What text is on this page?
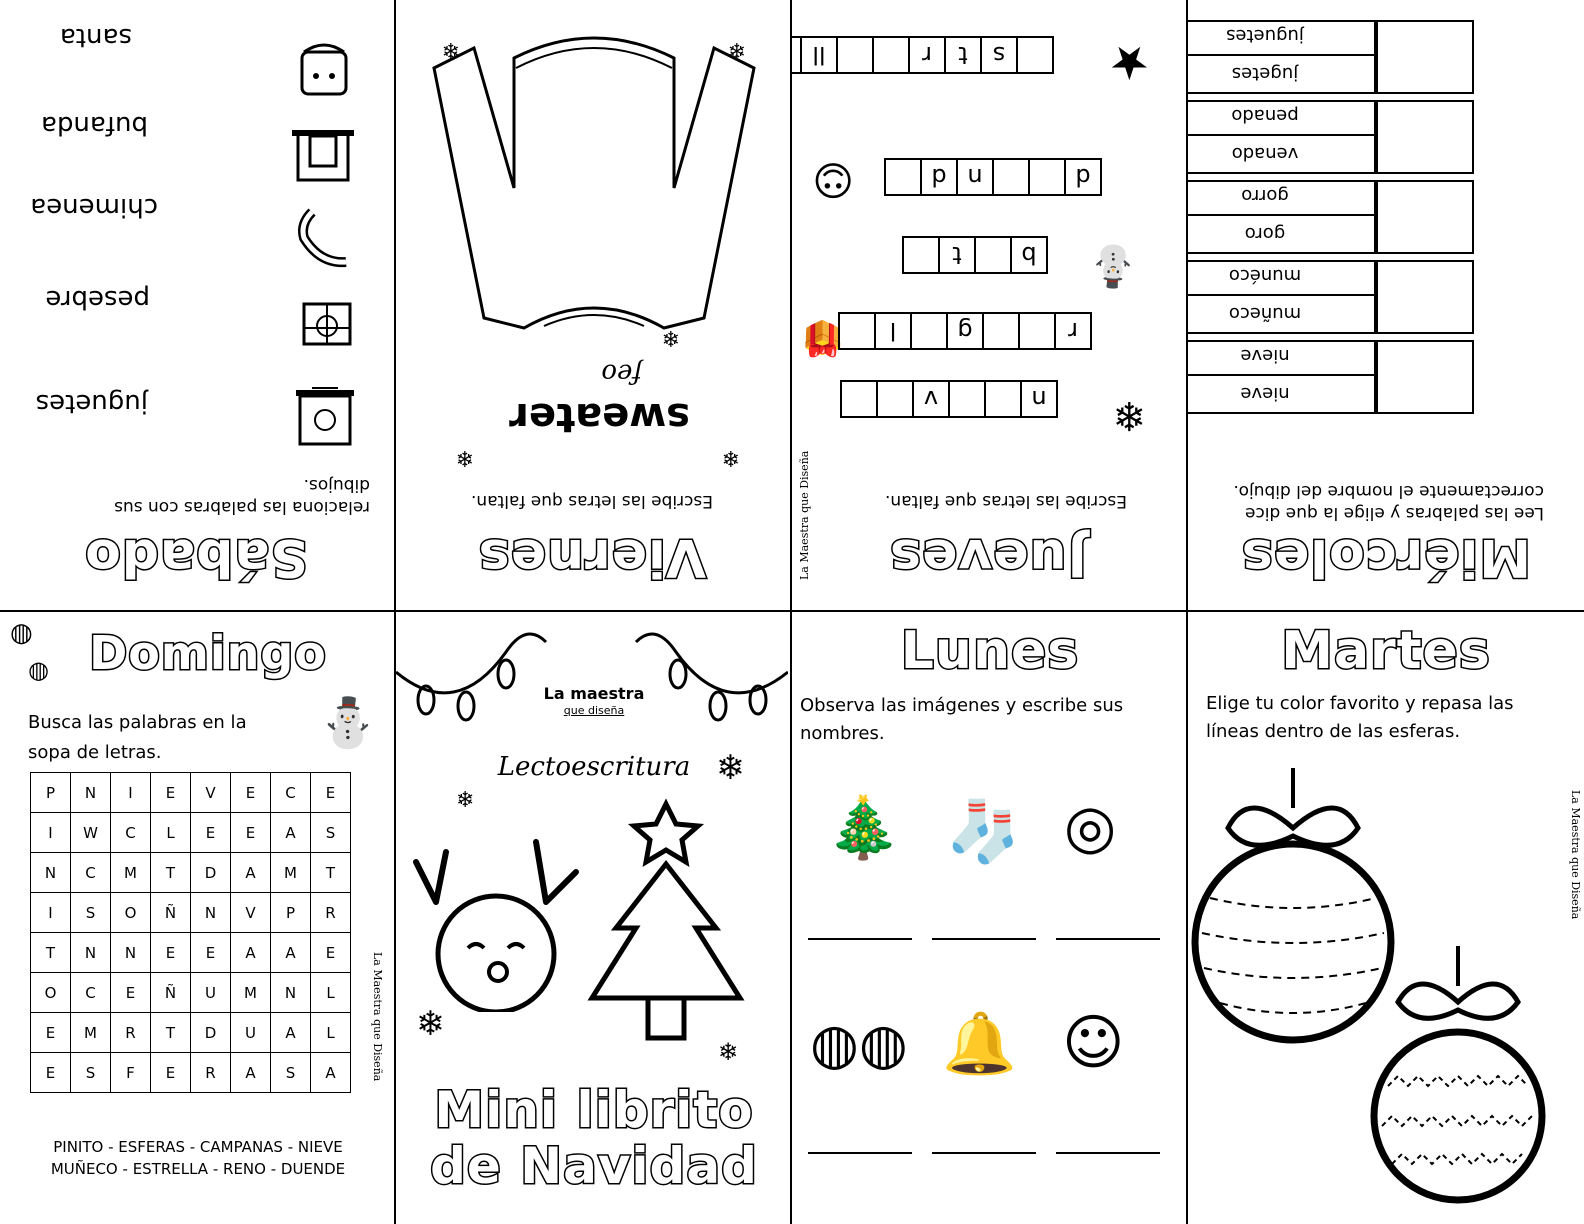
Sábado
relaciona las palabras con sus dibujos.
juguetes
pesebre
chimenea
bufanda
santa
Viernes
Escribe las letras que faltan.
sweater
feo
❄
❄
❄
❄
❄
Jueves
Escribe las letras que faltan.
La Maestra que Diseña
❄
n
v
🎁	r
g
l
⛄
b
t
☺	d
n
d
★
s
t
r
ll
Miércoles
Lee las palabras y elige la que dice correctamente el nombre del dibujo.
nieve
nieve
muñeco
munéco
goro
gorro
venado
penado
jugetes
juguetes
◍
◍ Domingo
Busca las palabras en la sopa de letras.
⛄
P	N	I	E	V	E	C	E
I	W	C	L	E	E	A	S
N	C	M	T	D	A	M	T
I	S	O	Ñ	N	V	P	R
T	N	N	E	E	A	A	E
O	C	E	Ñ	U	M	N	L
E	M	R	T	D	U	A	L
E	S	F	E	R	A	S	A	La Maestra que Diseña
PINITO - ESFERAS - CAMPANAS - NIEVE
MUÑECO - ESTRELLA - RENO - DUENDE
La maestra
que diseña
Lectoescritura ❄
❄
❄
❄
Mini librito
de Navidad
Lunes
Observa las imágenes y escribe sus nombres.
🎄 🧦 ◎
◍◍ 🔔 ☺
Martes
Elige tu color favorito y repasa las líneas dentro de las esferas.
La Maestra que Diseña
